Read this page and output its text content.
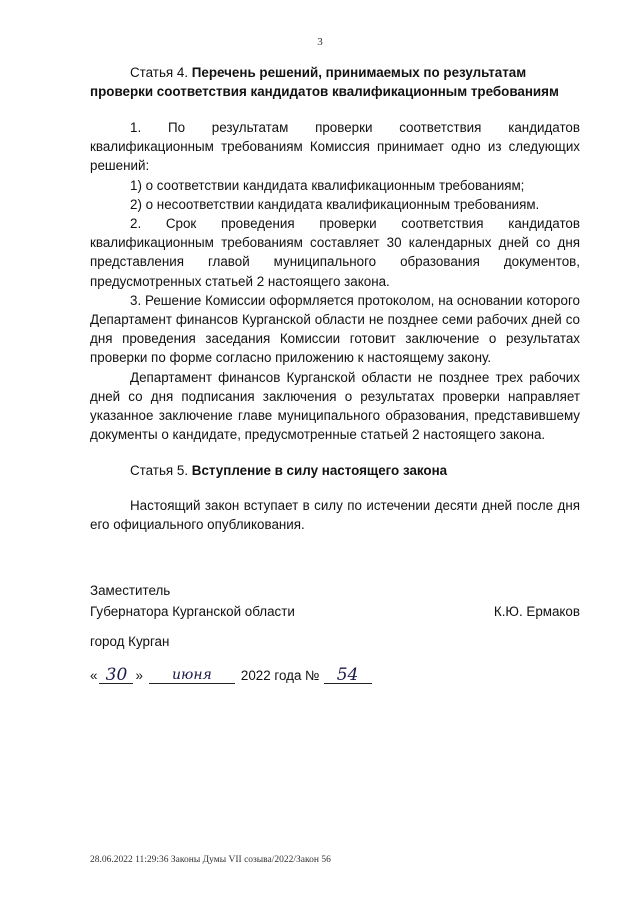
3
Статья 4. Перечень решений, принимаемых по результатам проверки соответствия кандидатов квалификационным требованиям

1. По результатам проверки соответствия кандидатов квалификационным требованиям Комиссия принимает одно из следующих решений:

1) о соответствии кандидата квалификационным требованиям;

2) о несоответствии кандидата квалификационным требованиям.

2. Срок проведения проверки соответствия кандидатов квалификационным требованиям составляет 30 календарных дней со дня представления главой муниципального образования документов, предусмотренных статьей 2 настоящего закона.

3. Решение Комиссии оформляется протоколом, на основании которого Департамент финансов Курганской области не позднее семи рабочих дней со дня проведения заседания Комиссии готовит заключение о результатах проверки по форме согласно приложению к настоящему закону.

Департамент финансов Курганской области не позднее трех рабочих дней со дня подписания заключения о результатах проверки направляет указанное заключение главе муниципального образования, представившему документы о кандидате, предусмотренные статьей 2 настоящего закона.

Статья 5. Вступление в силу настоящего закона

Настоящий закон вступает в силу по истечении десяти дней после дня его официального опубликования.

Заместитель
Губернатора Курганской области	К.Ю. Ермаков
город Курган
« 30 »	июня	2022 года №	54
28.06.2022 11:29:36 Законы Думы VII созыва/2022/Закон 56
